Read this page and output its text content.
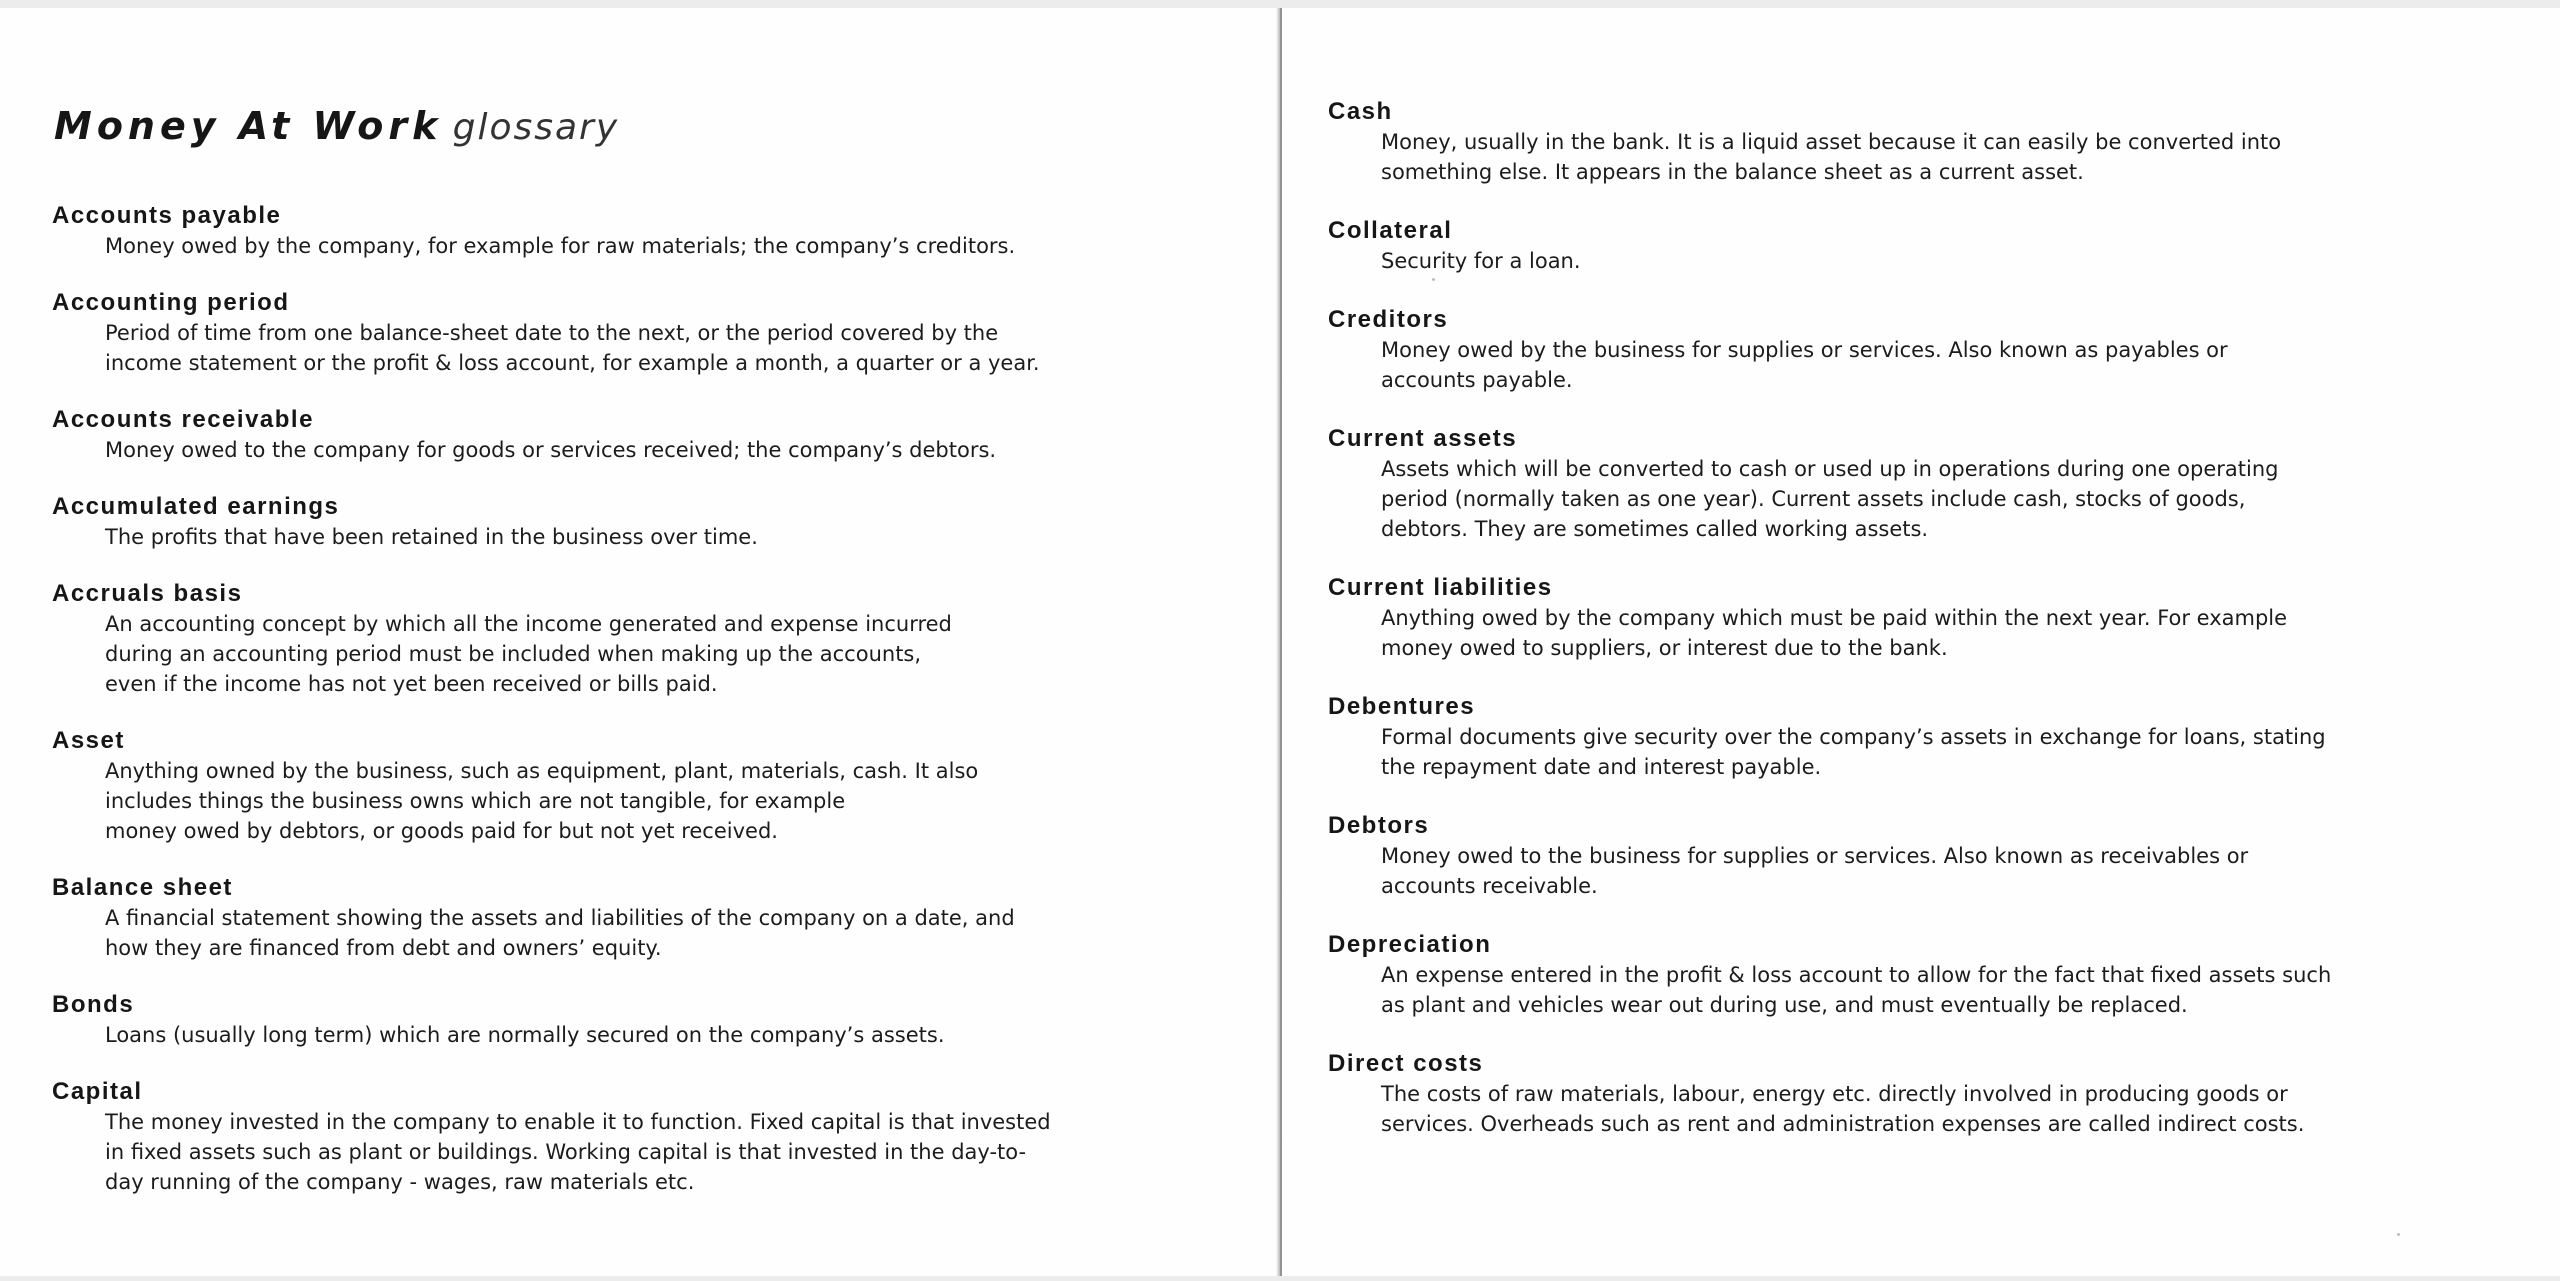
Money At Work glossary
Accounts payable
Money owed by the company, for example for raw materials; the company’s creditors.
Accounting period
Period of time from one balance-sheet date to the next, or the period covered by the
income statement or the profit & loss account, for example a month, a quarter or a year.
Accounts receivable
Money owed to the company for goods or services received; the company’s debtors.
Accumulated earnings
The profits that have been retained in the business over time.
Accruals basis
An accounting concept by which all the income generated and expense incurred
during an accounting period must be included when making up the accounts,
even if the income has not yet been received or bills paid.
Asset
Anything owned by the business, such as equipment, plant, materials, cash. It also
includes things the business owns which are not tangible, for example
money owed by debtors, or goods paid for but not yet received.
Balance sheet
A financial statement showing the assets and liabilities of the company on a date, and
how they are financed from debt and owners’ equity.
Bonds
Loans (usually long term) which are normally secured on the company’s assets.
Capital
The money invested in the company to enable it to function. Fixed capital is that invested
in fixed assets such as plant or buildings. Working capital is that invested in the day-to-
day running of the company - wages, raw materials etc.
Cash
Money, usually in the bank. It is a liquid asset because it can easily be converted into
something else. It appears in the balance sheet as a current asset.
Collateral
Security for a loan.
Creditors
Money owed by the business for supplies or services. Also known as payables or
accounts payable.
Current assets
Assets which will be converted to cash or used up in operations during one operating
period (normally taken as one year). Current assets include cash, stocks of goods,
debtors. They are sometimes called working assets.
Current liabilities
Anything owed by the company which must be paid within the next year. For example
money owed to suppliers, or interest due to the bank.
Debentures
Formal documents give security over the company’s assets in exchange for loans, stating
the repayment date and interest payable.
Debtors
Money owed to the business for supplies or services. Also known as receivables or
accounts receivable.
Depreciation
An expense entered in the profit & loss account to allow for the fact that fixed assets such
as plant and vehicles wear out during use, and must eventually be replaced.
Direct costs
The costs of raw materials, labour, energy etc. directly involved in producing goods or
services. Overheads such as rent and administration expenses are called indirect costs.
